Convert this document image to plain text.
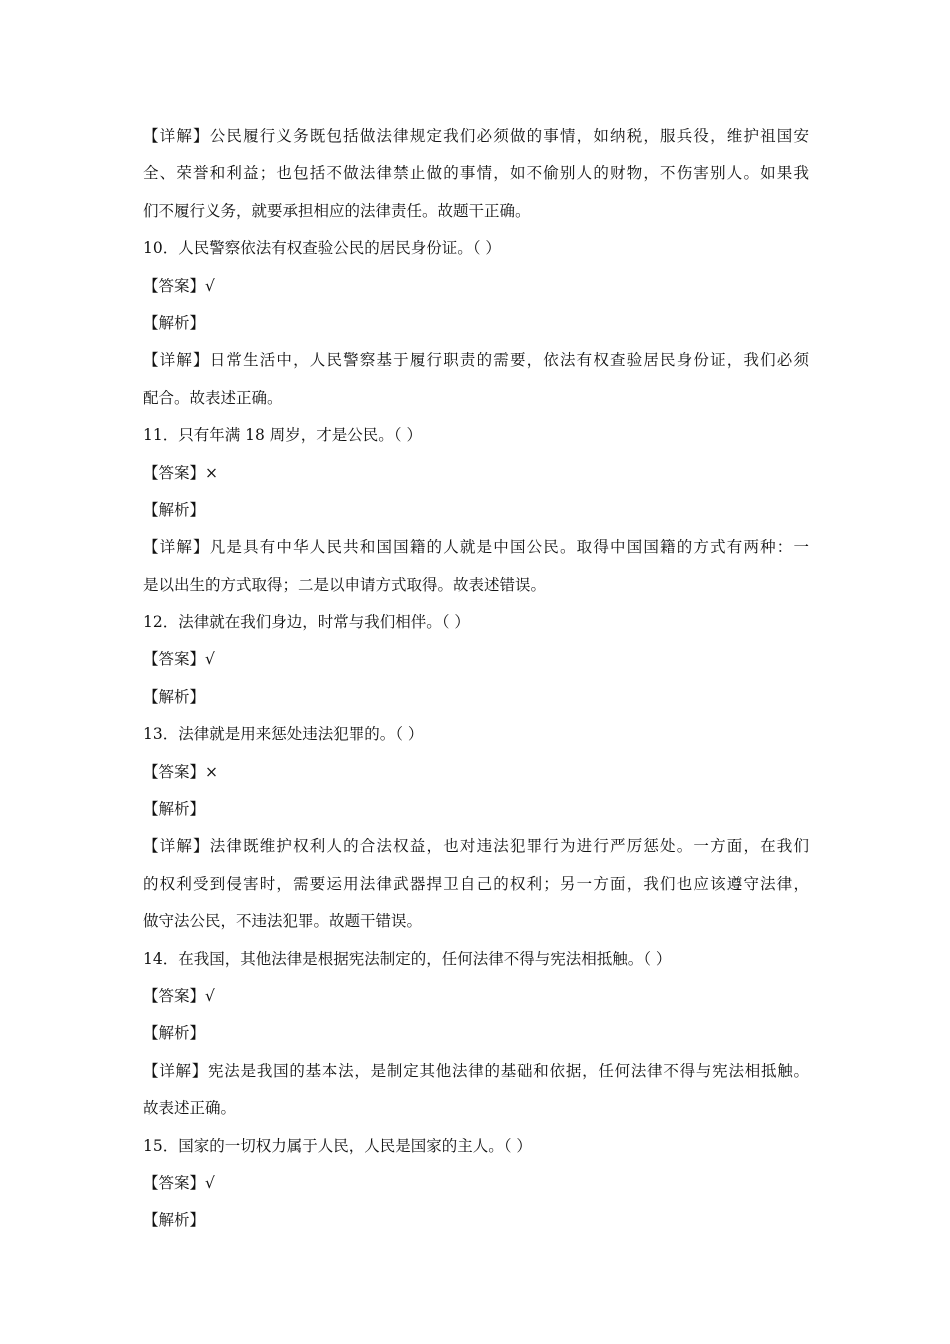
【详解】公民履行义务既包括做法律规定我们必须做的事情，如纳税，服兵役，维护祖国安
全、荣誉和利益；也包括不做法律禁止做的事情，如不偷别人的财物，不伤害别人。如果我
们不履行义务，就要承担相应的法律责任。故题干正确。
10．人民警察依法有权查验公民的居民身份证。（ ）
【答案】√
【解析】
【详解】日常生活中，人民警察基于履行职责的需要，依法有权查验居民身份证，我们必须
配合。故表述正确。
11．只有年满 18 周岁，才是公民。（ ）
【答案】×
【解析】
【详解】凡是具有中华人民共和国国籍的人就是中国公民。取得中国国籍的方式有两种：一
是以出生的方式取得；二是以申请方式取得。故表述错误。
12．法律就在我们身边，时常与我们相伴。（ ）
【答案】√
【解析】
13．法律就是用来惩处违法犯罪的。（ ）
【答案】×
【解析】
【详解】法律既维护权利人的合法权益，也对违法犯罪行为进行严厉惩处。一方面，在我们
的权利受到侵害时，需要运用法律武器捍卫自己的权利；另一方面，我们也应该遵守法律，
做守法公民，不违法犯罪。故题干错误。
14．在我国，其他法律是根据宪法制定的，任何法律不得与宪法相抵触。（ ）
【答案】√
【解析】
【详解】宪法是我国的基本法，是制定其他法律的基础和依据，任何法律不得与宪法相抵触。
故表述正确。
15．国家的一切权力属于人民，人民是国家的主人。（ ）
【答案】√
【解析】
